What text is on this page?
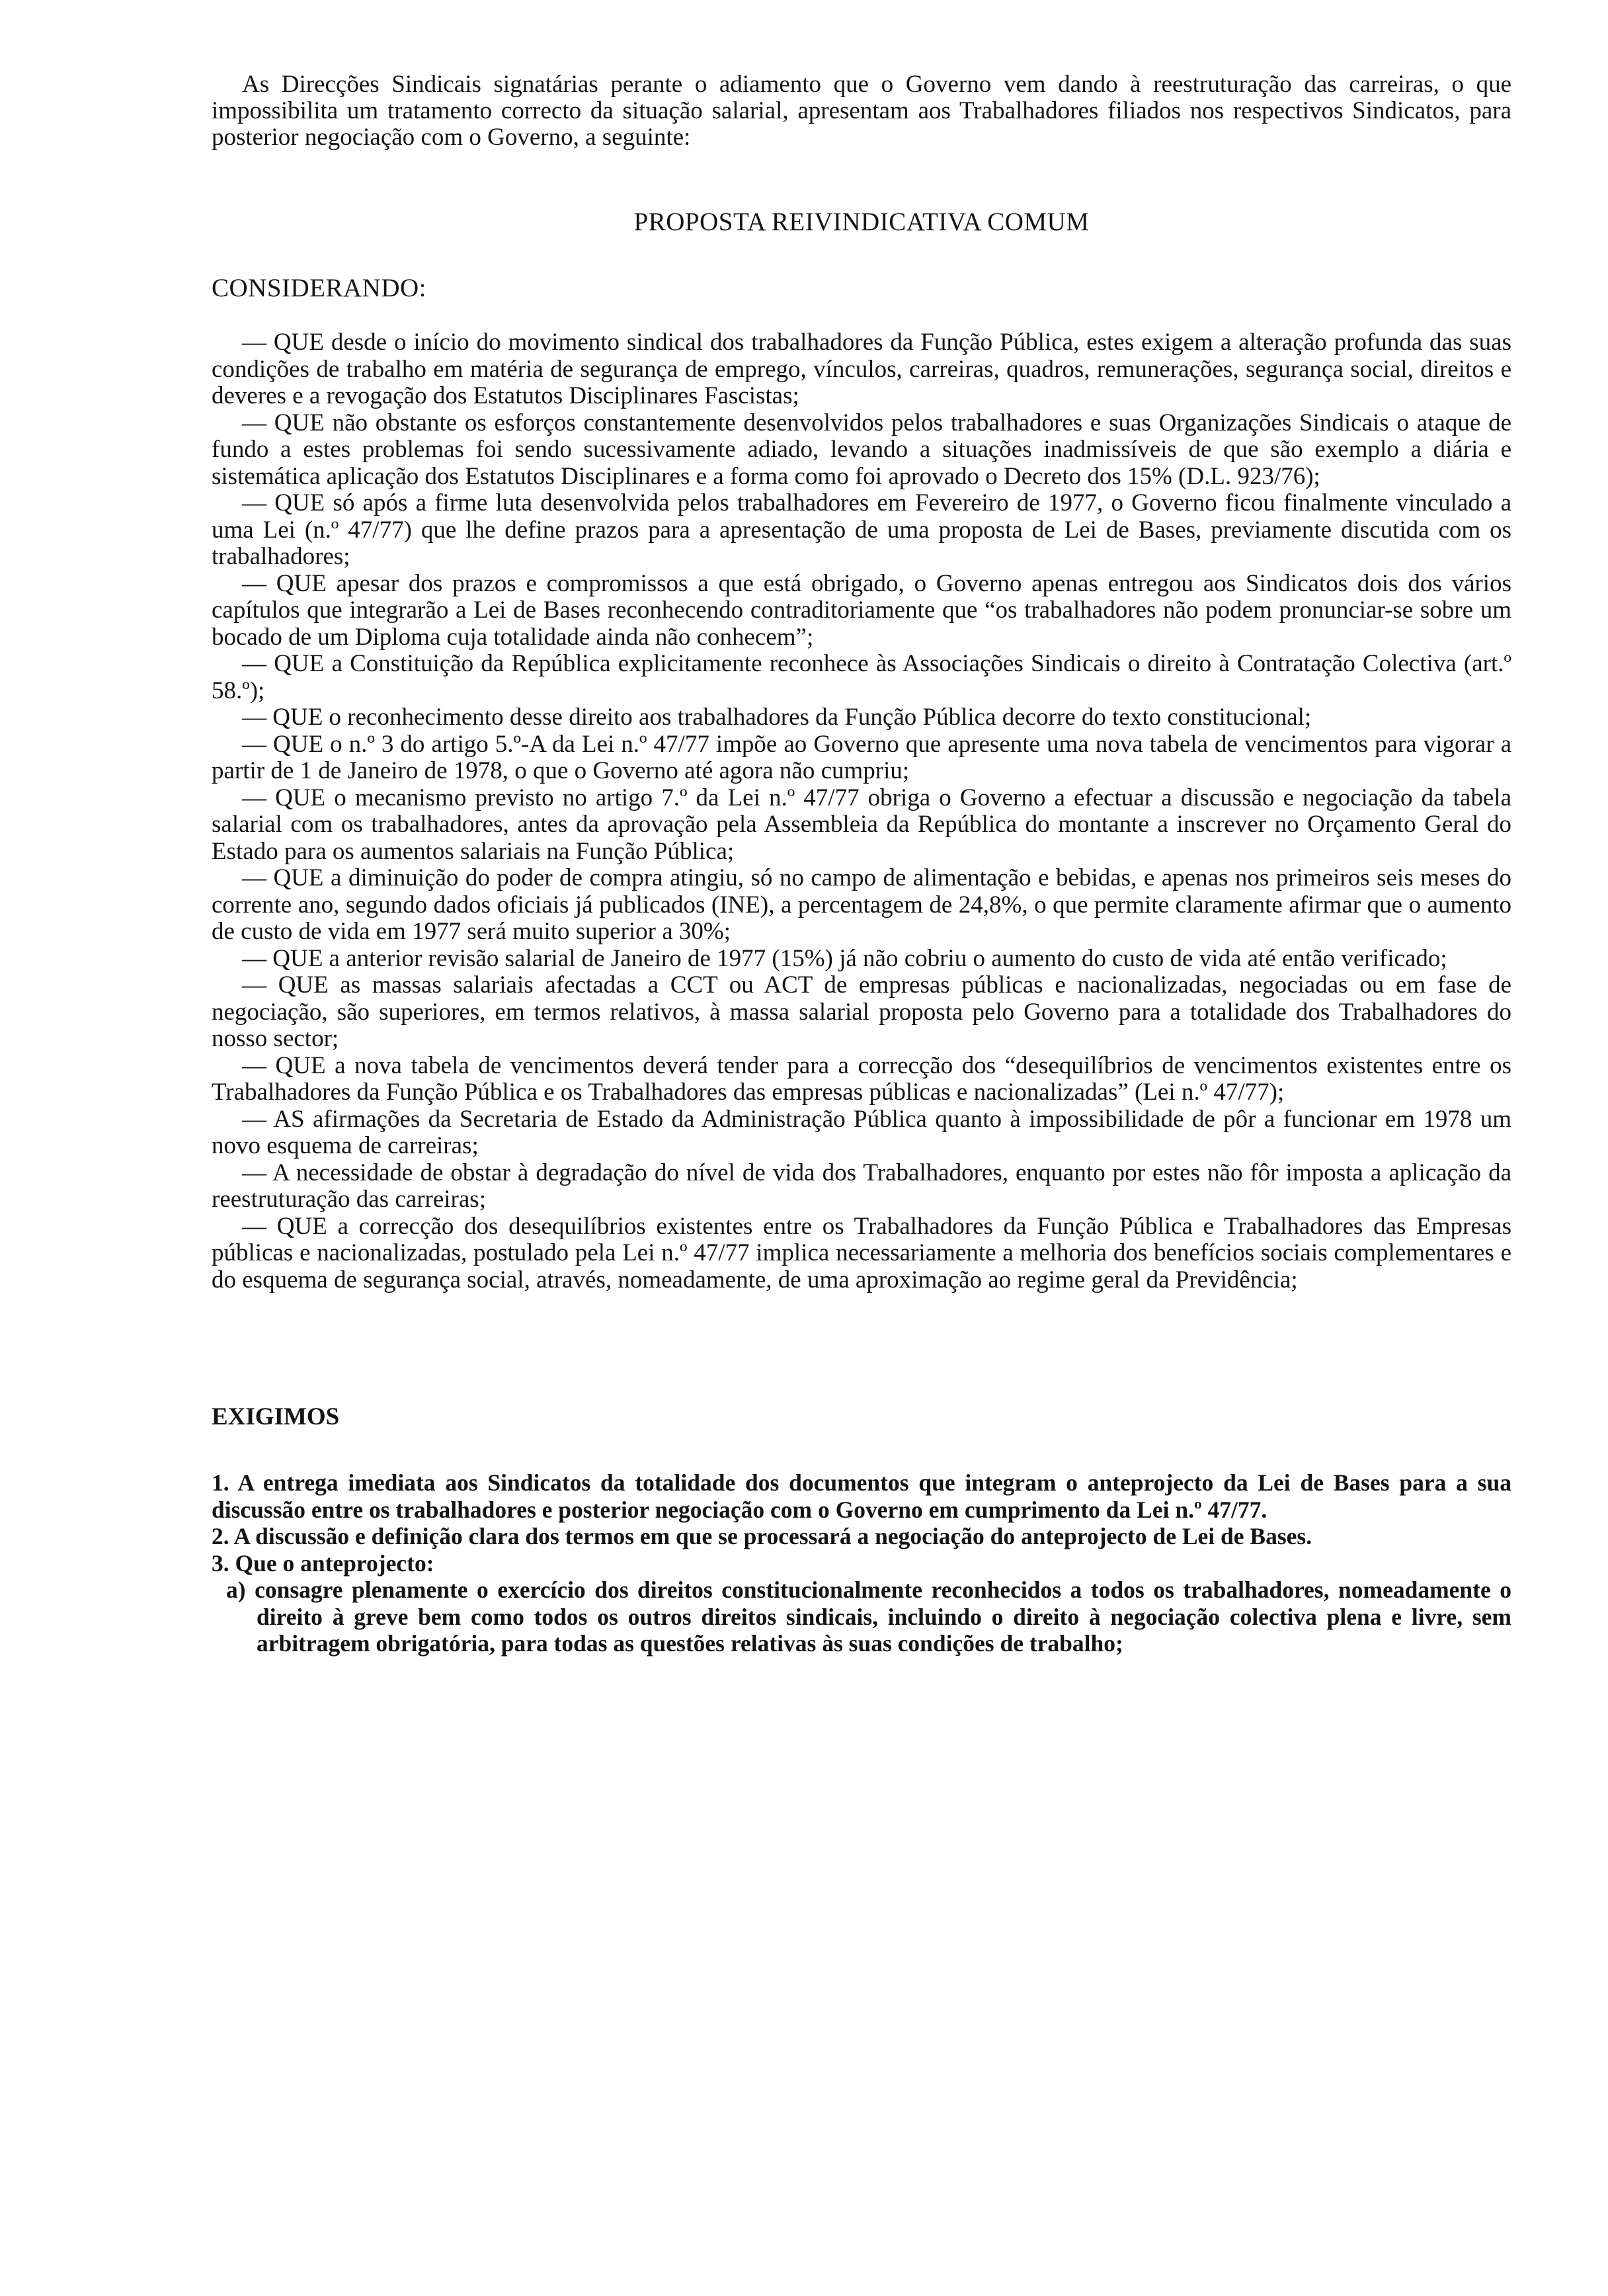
As Direcções Sindicais signatárias perante o adiamento que o Governo vem dando à reestruturação das carreiras, o que impossibilita um tratamento correcto da situação salarial, apresentam aos Trabalhadores filiados nos respectivos Sindicatos, para posterior negociação com o Governo, a seguinte:

PROPOSTA REIVINDICATIVA COMUM

CONSIDERANDO:

— QUE desde o início do movimento sindical dos trabalhadores da Função Pública, estes exigem a alteração profunda das suas condições de trabalho em matéria de segurança de emprego, vínculos, carreiras, quadros, remunerações, segurança social, direitos e deveres e a revogação dos Estatutos Disciplinares Fascistas;

— QUE não obstante os esforços constantemente desenvolvidos pelos trabalhadores e suas Organizações Sindicais o ataque de fundo a estes problemas foi sendo sucessivamente adiado, levando a situações inadmissíveis de que são exemplo a diária e sistemática aplicação dos Estatutos Disciplinares e a forma como foi aprovado o Decreto dos 15% (D.L. 923/76);

— QUE só após a firme luta desenvolvida pelos trabalhadores em Fevereiro de 1977, o Governo ficou finalmente vinculado a uma Lei (n.º 47/77) que lhe define prazos para a apresentação de uma proposta de Lei de Bases, previamente discutida com os trabalhadores;

— QUE apesar dos prazos e compromissos a que está obrigado, o Governo apenas entregou aos Sindicatos dois dos vários capítulos que integrarão a Lei de Bases reconhecendo contraditoriamente que “os trabalhadores não podem pronunciar-se sobre um bocado de um Diploma cuja totalidade ainda não conhecem”;

— QUE a Constituição da República explicitamente reconhece às Associações Sindicais o direito à Contratação Colectiva (art.º 58.º);

— QUE o reconhecimento desse direito aos trabalhadores da Função Pública decorre do texto constitucional;

— QUE o n.º 3 do artigo 5.º-A da Lei n.º 47/77 impõe ao Governo que apresente uma nova tabela de vencimentos para vigorar a partir de 1 de Janeiro de 1978, o que o Governo até agora não cumpriu;

— QUE o mecanismo previsto no artigo 7.º da Lei n.º 47/77 obriga o Governo a efectuar a discussão e negociação da tabela salarial com os trabalhadores, antes da aprovação pela Assembleia da República do montante a inscrever no Orçamento Geral do Estado para os aumentos salariais na Função Pública;

— QUE a diminuição do poder de compra atingiu, só no campo de alimentação e bebidas, e apenas nos primeiros seis meses do corrente ano, segundo dados oficiais já publicados (INE), a percentagem de 24,8%, o que permite claramente afirmar que o aumento de custo de vida em 1977 será muito superior a 30%;

— QUE a anterior revisão salarial de Janeiro de 1977 (15%) já não cobriu o aumento do custo de vida até então verificado;

— QUE as massas salariais afectadas a CCT ou ACT de empresas públicas e nacionalizadas, negociadas ou em fase de negociação, são superiores, em termos relativos, à massa salarial proposta pelo Governo para a totalidade dos Trabalhadores do nosso sector;

— QUE a nova tabela de vencimentos deverá tender para a correcção dos “desequilíbrios de vencimentos existentes entre os Trabalhadores da Função Pública e os Trabalhadores das empresas públicas e nacionalizadas” (Lei n.º 47/77);

— AS afirmações da Secretaria de Estado da Administração Pública quanto à impossibilidade de pôr a funcionar em 1978 um novo esquema de carreiras;

— A necessidade de obstar à degradação do nível de vida dos Trabalhadores, enquanto por estes não fôr imposta a aplicação da reestruturação das carreiras;

— QUE a correcção dos desequilíbrios existentes entre os Trabalhadores da Função Pública e Trabalhadores das Empresas públicas e nacionalizadas, postulado pela Lei n.º 47/77 implica necessariamente a melhoria dos benefícios sociais complementares e do esquema de segurança social, através, nomeadamente, de uma aproximação ao regime geral da Previdência;

EXIGIMOS

1. A entrega imediata aos Sindicatos da totalidade dos documentos que integram o anteprojecto da Lei de Bases para a sua discussão entre os trabalhadores e posterior negociação com o Governo em cumprimento da Lei n.º 47/77.

2. A discussão e definição clara dos termos em que se processará a negociação do anteprojecto de Lei de Bases.

3. Que o anteprojecto:

a) consagre plenamente o exercício dos direitos constitucionalmente reconhecidos a todos os trabalhadores, nomeadamente o direito à greve bem como todos os outros direitos sindicais, incluindo o direito à negociação colectiva plena e livre, sem arbitragem obrigatória, para todas as questões relativas às suas condições de trabalho;
